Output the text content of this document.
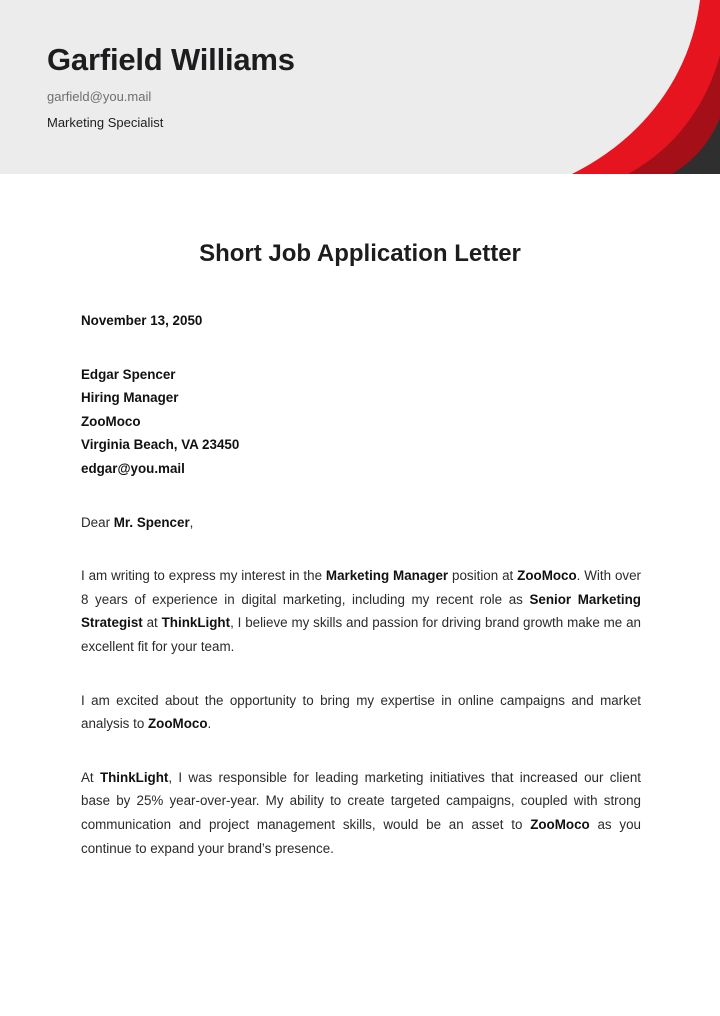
Garfield Williams
garfield@you.mail
Marketing Specialist
Short Job Application Letter
November 13, 2050
Edgar Spencer
Hiring Manager
ZooMoco
Virginia Beach, VA 23450
edgar@you.mail
Dear Mr. Spencer,

I am writing to express my interest in the Marketing Manager position at ZooMoco. With over 8 years of experience in digital marketing, including my recent role as Senior Marketing Strategist at ThinkLight, I believe my skills and passion for driving brand growth make me an excellent fit for your team.

I am excited about the opportunity to bring my expertise in online campaigns and market analysis to ZooMoco.

At ThinkLight, I was responsible for leading marketing initiatives that increased our client base by 25% year-over-year. My ability to create targeted campaigns, coupled with strong communication and project management skills, would be an asset to ZooMoco as you continue to expand your brand’s presence.
